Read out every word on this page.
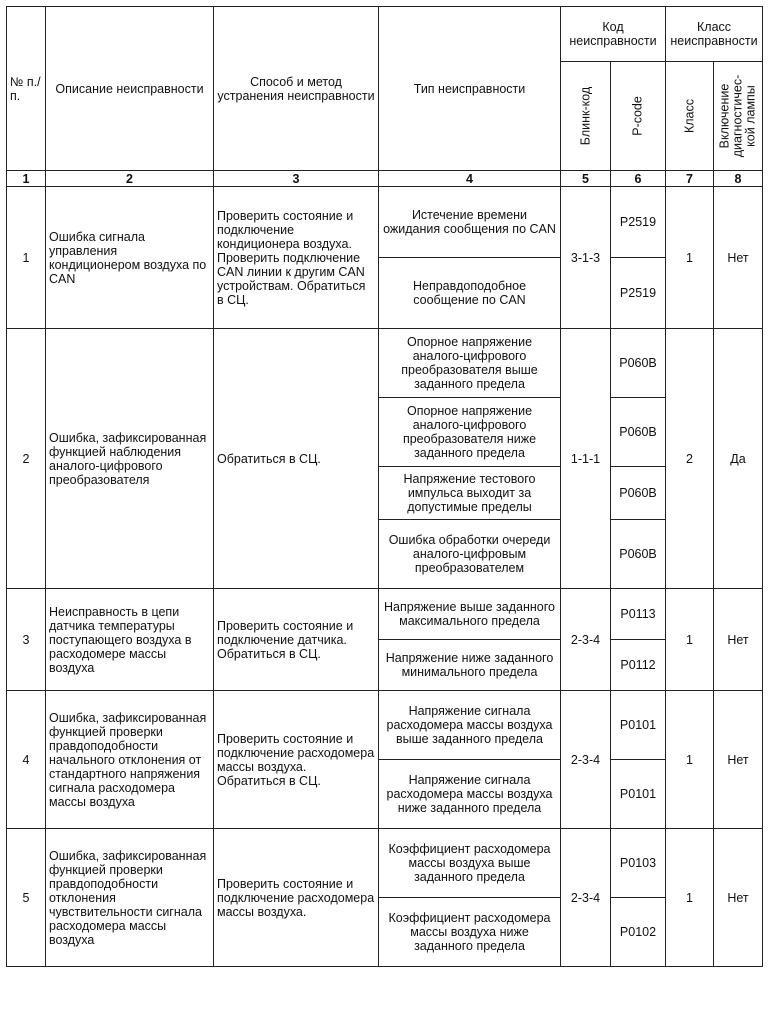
№ п./п.	Описание неисправности	Способ и метод устранения неисправности	Тип неисправности	Код неисправности		Класс неисправности	

				Блинк-код	P-code	Класс	Включение диагностичес-кой лампы

1	2	3	4	5	6	7	8
1	Ошибка сигнала управления кондиционером воздуха по CAN	Проверить состояние и подключение кондиционера воздуха. Проверить подключение CAN линии к другим CAN устройствам. Обратиться в СЦ.	Истечение времени ожидания сообщения по CAN	3-1-3	P2519	1	Нет
			Неправдоподобное сообщение по CAN		P2519		
2	Ошибка, зафиксированная функцией наблюдения аналого-цифрового преобразователя	Обратиться в СЦ.	Опорное напряжение аналого-цифрового преобразователя выше заданного предела	1-1-1	P060B	2	Да
			Опорное напряжение аналого-цифрового преобразователя ниже заданного предела		P060B		
			Напряжение тестового импульса выходит за допустимые пределы		P060B		
			Ошибка обработки очереди аналого-цифровым преобразователем		P060B		
3	Неисправность в цепи датчика температуры поступающего воздуха в расходомере массы воздуха	Проверить состояние и подключение датчика. Обратиться в СЦ.	Напряжение выше заданного максимального предела	2-3-4	P0113	1	Нет
			Напряжение ниже заданного минимального предела		P0112		
4	Ошибка, зафиксированная функцией проверки правдоподобности начального отклонения от стандартного напряжения сигнала расходомера массы воздуха	Проверить состояние и подключение расходомера массы воздуха. Обратиться в СЦ.	Напряжение сигнала расходомера массы воздуха выше заданного предела	2-3-4	P0101	1	Нет
			Напряжение сигнала расходомера массы воздуха ниже заданного предела		P0101		
5	Ошибка, зафиксированная функцией проверки правдоподобности отклонения чувствительности сигнала расходомера массы воздуха	Проверить состояние и подключение расходомера массы воздуха.	Коэффициент расходомера массы воздуха выше заданного предела	2-3-4	P0103	1	Нет
			Коэффициент расходомера массы воздуха ниже заданного предела		P0102		
